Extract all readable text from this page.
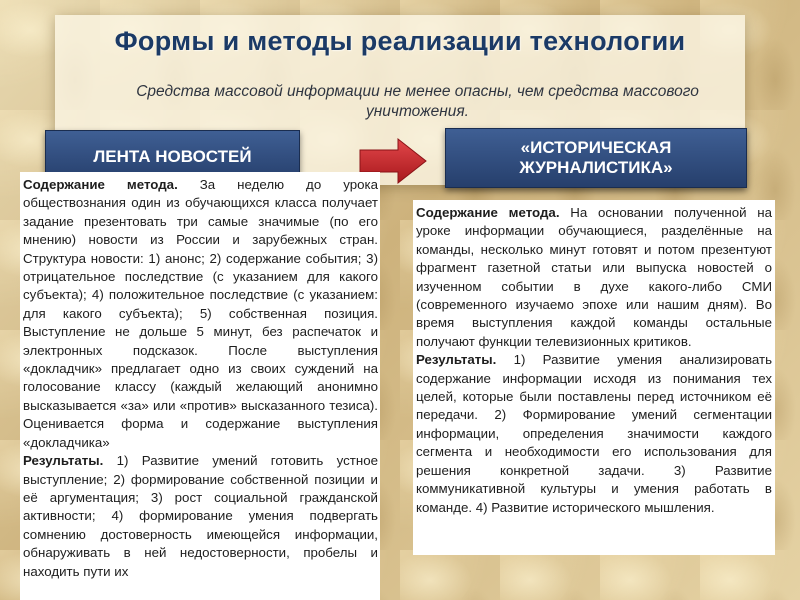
Формы и методы реализации технологии
Средства массовой информации не менее опасны, чем средства массового уничтожения.
ЛЕНТА НОВОСТЕЙ	«ИСТОРИЧЕСКАЯ ЖУРНАЛИСТИКА»

Содержание метода. За неделю до урока обществознания один из обучающихся класса получает задание презентовать три самые значимые (по его мнению) новости из России и зарубежных стран. Структура новости: 1) анонс; 2) содержание события; 3) отрицательное последствие (с указанием для какого субъекта); 4) положительное последствие (с указанием: для какого субъекта); 5) собственная позиция. Выступление не дольше 5 минут, без распечаток и электронных подсказок. После выступления «докладчик» предлагает одно из своих суждений на голосование классу (каждый желающий анонимно высказывается «за» или «против» высказанного тезиса). Оценивается форма и содержание выступления «докладчика»

Результаты. 1) Развитие умений готовить устное выступление; 2) формирование собственной позиции и её аргументация; 3) рост социальной гражданской активности; 4) формирование умения подвергать сомнению достоверность имеющейся информации, обнаруживать в ней недостоверности, пробелы и находить пути их

Содержание метода. На основании полученной на уроке информации обучающиеся, разделённые на команды, несколько минут готовят и потом презентуют фрагмент газетной статьи или выпуска новостей о изученном событии в духе какого-либо СМИ (современного изучаемо эпохе или нашим дням). Во время выступления каждой команды остальные получают функции телевизионных критиков.

Результаты. 1) Развитие умения анализировать содержание информации исходя из понимания тех целей, которые были поставлены перед источником её передачи. 2) Формирование умений сегментации информации, определения значимости каждого сегмента и необходимости его использования для решения конкретной задачи. 3) Развитие коммуникативной культуры и умения работать в команде. 4) Развитие исторического мышления.
